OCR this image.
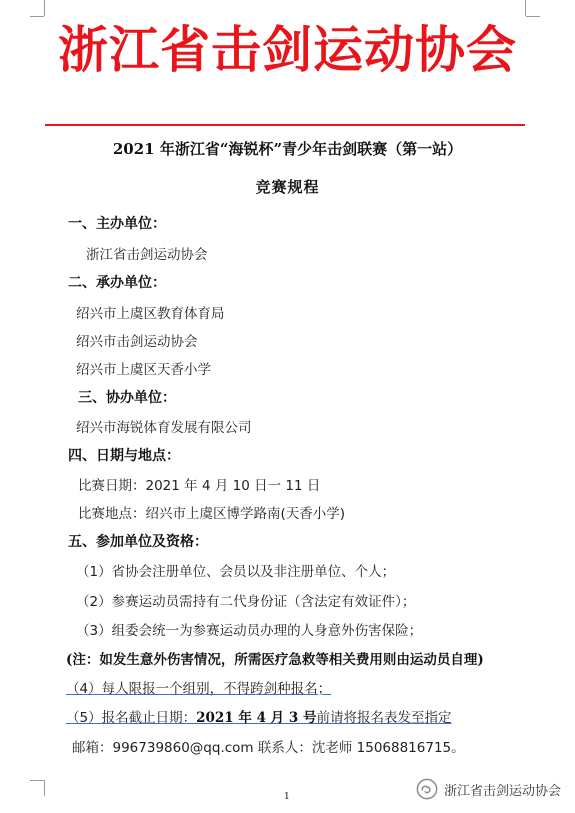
浙江省击剑运动协会
2021 年浙江省“海锐杯”青少年击剑联赛（第一站）
竞赛规程
一、主办单位：
浙江省击剑运动协会
二、承办单位：
绍兴市上虞区教育体育局
绍兴市击剑运动协会
绍兴市上虞区天香小学
三、协办单位：
绍兴市海锐体育发展有限公司
四、日期与地点：
比赛日期：2021 年 4 月 10 日一 11 日
比赛地点：绍兴市上虞区博学路南(天香小学)
五、参加单位及资格：
（1）省协会注册单位、会员以及非注册单位、个人；
（2）参赛运动员需持有二代身份证（含法定有效证件）；
（3）组委会统一为参赛运动员办理的人身意外伤害保险；
(注：如发生意外伤害情况，所需医疗急救等相关费用则由运动员自理)
（4）每人限报一个组别，不得跨剑种报名；
（5）报名截止日期：2021 年 4 月 3 号前请将报名表发至指定
邮箱：996739860@qq.com 联系人：沈老师 15068816715。
1	浙江省击剑运动协会
